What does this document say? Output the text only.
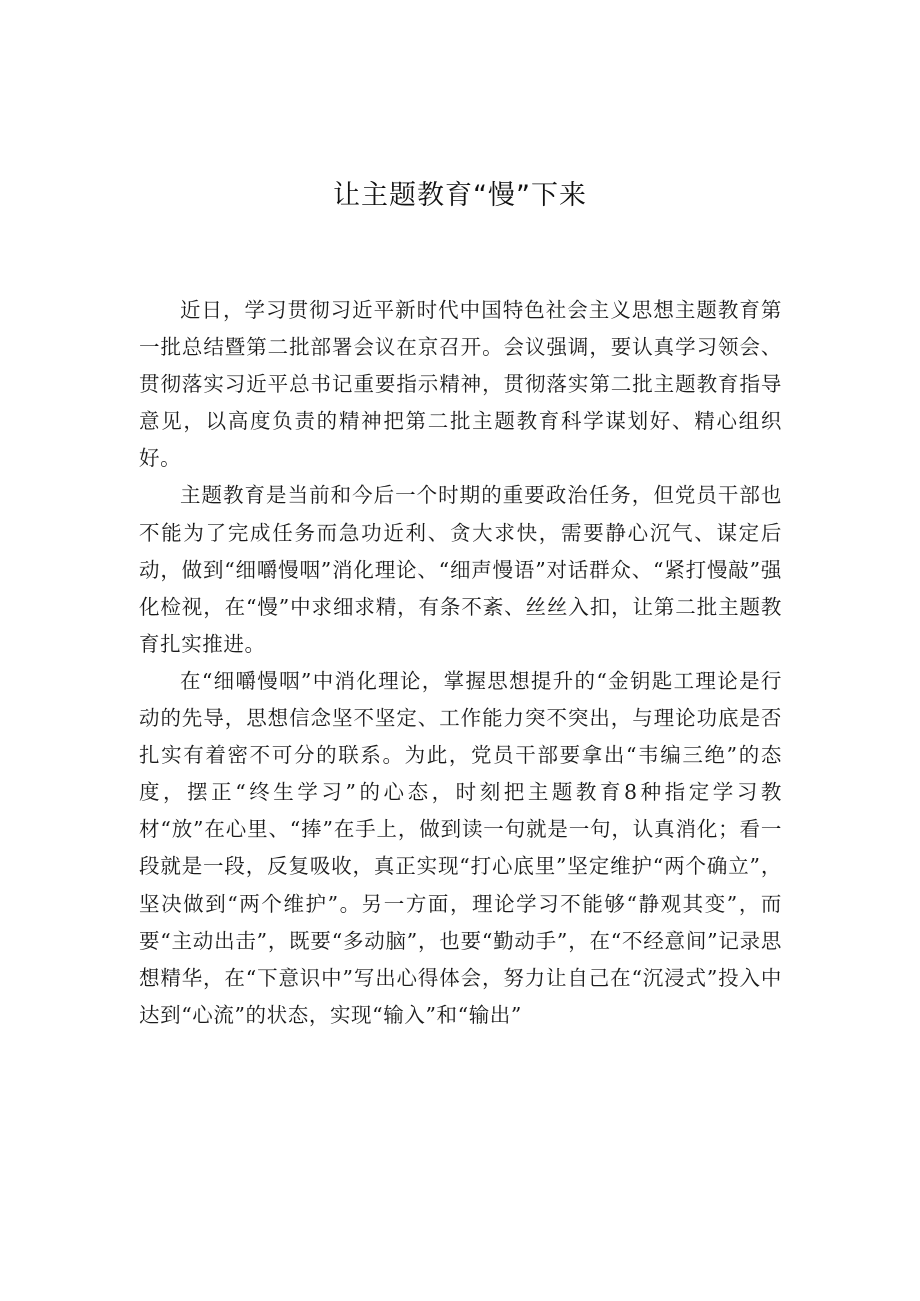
让主题教育“慢”下来

近日，学习贯彻习近平新时代中国特色社会主义思想主题教育第一批总结暨第二批部署会议在京召开。会议强调，要认真学习领会、贯彻落实习近平总书记重要指示精神，贯彻落实第二批主题教育指导意见，以高度负责的精神把第二批主题教育科学谋划好、精心组织好。

主题教育是当前和今后一个时期的重要政治任务，但党员干部也不能为了完成任务而急功近利、贪大求快，需要静心沉气、谋定后动，做到“细嚼慢咽”消化理论、“细声慢语”对话群众、“紧打慢敲”强化检视，在“慢”中求细求精，有条不紊、丝丝入扣，让第二批主题教育扎实推进。

在“细嚼慢咽”中消化理论，掌握思想提升的“金钥匙工理论是行动的先导，思想信念坚不坚定、工作能力突不突出，与理论功底是否扎实有着密不可分的联系。为此，党员干部要拿出“韦编三绝”的态度，摆正“终生学习”的心态，时刻把主题教育8种指定学习教材“放”在心里、“捧”在手上，做到读一句就是一句，认真消化；看一段就是一段，反复吸收，真正实现“打心底里”坚定维护“两个确立”，坚决做到“两个维护”。另一方面，理论学习不能够“静观其变”，而要“主动出击”，既要“多动脑”，也要“勤动手”，在“不经意间”记录思想精华，在“下意识中”写出心得体会，努力让自己在“沉浸式”投入中达到“心流”的状态，实现“输入”和“输出”
